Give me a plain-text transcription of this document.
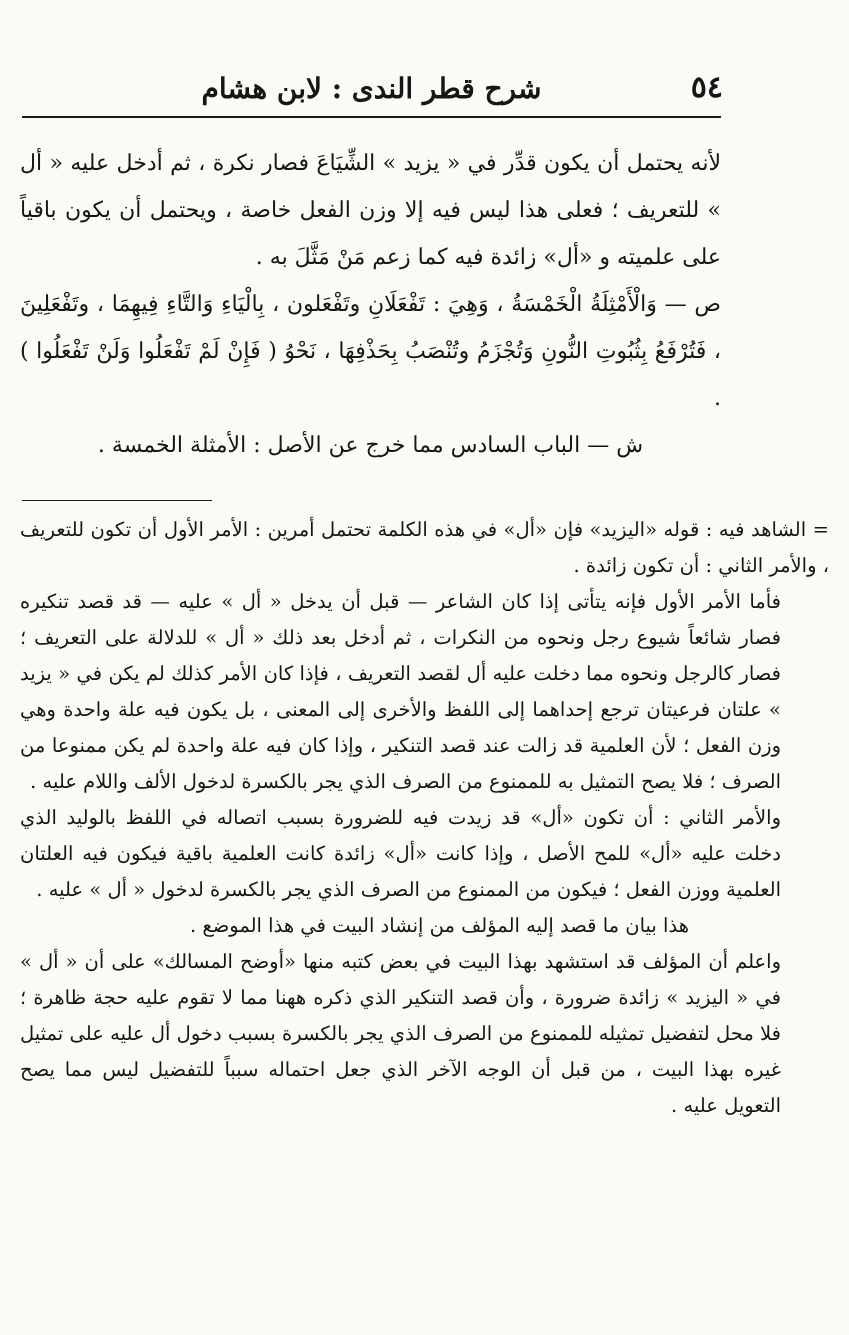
٥٤
شرح قطر الندى : لابن هشام

لأنه يحتمل أن يكون قدِّر في « يزيد » الشِّيَاعَ فصار نكرة ، ثم أدخل عليه « أل » للتعريف ؛ فعلى هذا ليس فيه إلا وزن الفعل خاصة ، ويحتمل أن يكون باقياً على علميته و «أل» زائدة فيه كما زعم مَنْ مَثَّلَ به .

ص — وَالْأَمْثِلَةُ الْخَمْسَةُ ، وَهِيَ : تَفْعَلَانِ وتَفْعَلون ، بِالْيَاءِ وَالتَّاءِ فِيهِمَا ، وتَفْعَلِينَ ، فَتُرْفَعُ بِثُبُوتِ النُّونِ وَتُجْزَمُ وتُنْصَبُ بِحَذْفِهَا ، نَحْوُ ( فَإِنْ لَمْ تَفْعَلُوا وَلَنْ تَفْعَلُوا ) .

ش — الباب السادس مما خرج عن الأصل : الأمثلة الخمسة .

= الشاهد فيه : قوله «اليزيد» فإن «أل» في هذه الكلمة تحتمل أمرين : الأمر الأول أن تكون للتعريف ، والأمر الثاني : أن تكون زائدة .

فأما الأمر الأول فإنه يتأتى إذا كان الشاعر — قبل أن يدخل « أل » عليه — قد قصد تنكيره فصار شائعاً شيوع رجل ونحوه من النكرات ، ثم أدخل بعد ذلك « أل » للدلالة على التعريف ؛ فصار كالرجل ونحوه مما دخلت عليه أل لقصد التعريف ، فإذا كان الأمر كذلك لم يكن في « يزيد » علتان فرعيتان ترجع إحداهما إلى اللفظ والأخرى إلى المعنى ، بل يكون فيه علة واحدة وهي وزن الفعل ؛ لأن العلمية قد زالت عند قصد التنكير ، وإذا كان فيه علة واحدة لم يكن ممنوعا من الصرف ؛ فلا يصح التمثيل به للممنوع من الصرف الذي يجر بالكسرة لدخول الألف واللام عليه .

والأمر الثاني : أن تكون «أل» قد زيدت فيه للضرورة بسبب اتصاله في اللفظ بالوليد الذي دخلت عليه «أل» للمح الأصل ، وإذا كانت «أل» زائدة كانت العلمية باقية فيكون فيه العلتان العلمية ووزن الفعل ؛ فيكون من الممنوع من الصرف الذي يجر بالكسرة لدخول « أل » عليه .

هذا بيان ما قصد إليه المؤلف من إنشاد البيت في هذا الموضع .

واعلم أن المؤلف قد استشهد بهذا البيت في بعض كتبه منها «أوضح المسالك» على أن « أل » في « اليزيد » زائدة ضرورة ، وأن قصد التنكير الذي ذكره ههنا مما لا تقوم عليه حجة ظاهرة ؛ فلا محل لتفضيل تمثيله للممنوع من الصرف الذي يجر بالكسرة بسبب دخول أل عليه على تمثيل غيره بهذا البيت ، من قبل أن الوجه الآخر الذي جعل احتماله سبباً للتفضيل ليس مما يصح التعويل عليه .
